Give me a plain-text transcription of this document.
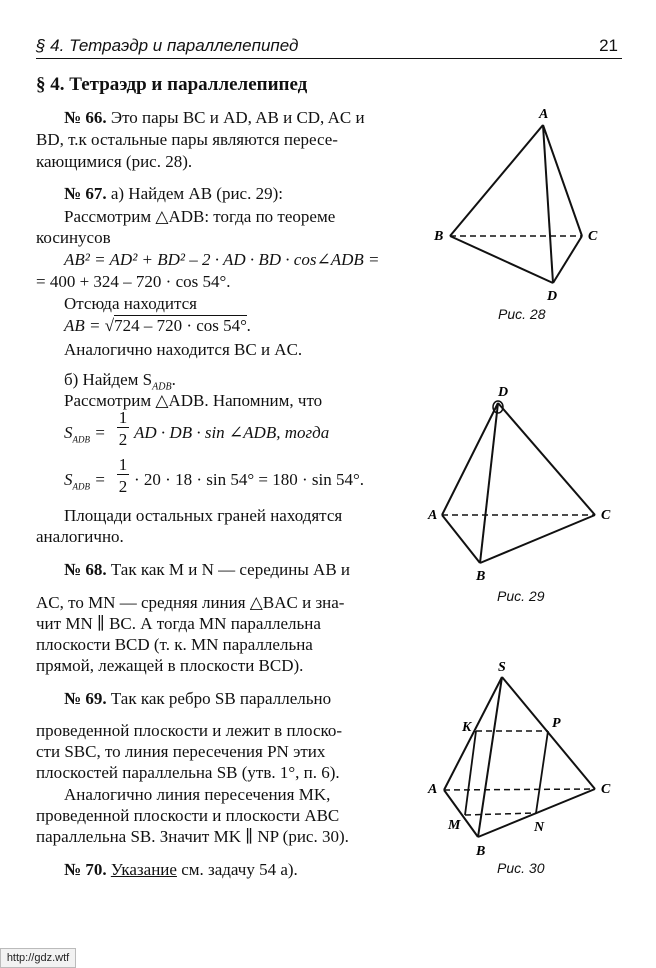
§ 4. Тетраэдр и параллелепипед	21
§ 4. Тетраэдр и параллелепипед
№ 66. Это пары BC и AD, AB и CD, AC и
BD, т.к остальные пары являются пересе-
кающимися (рис. 28).
№ 67. а) Найдем AB (рис. 29):
Рассмотрим △ADB: тогда по теореме
косинусов
AB² = AD² + BD² – 2 · AD · BD · cos∠ADB =
= 400 + 324 – 720 · cos 54°.
Отсюда находится
AB = √724 – 720 · cos 54°.
Аналогично находится BC и AC.
б) Найдем $S_{ADB}$.
Рассмотрим △ADB. Напомним, что
$S_{ADB}$ =
1
2 AD · DB · sin ∠ADB, тогда
$S_{ADB}$ =
1
2 · 20 · 18 · sin 54° = 180 · sin 54°.
Площади остальных граней находятся
аналогично.
№ 68. Так как M и N — середины AB и
AC, то MN — средняя линия △BAC и зна-
чит MN ∥ BC. А тогда MN параллельна
плоскости BCD (т. к. MN параллельна
прямой, лежащей в плоскости BCD).
№ 69. Так как ребро SB параллельно
проведенной плоскости и лежит в плоско-
сти SBC, то линия пересечения PN этих
плоскостей параллельна SB (утв. 1°, п. 6).
Аналогично линия пересечения MK,
проведенной плоскости и плоскости ABC
параллельна SB. Значит MK ∥ NP (рис. 30).
№ 70. Указание см. задачу 54 а).
A
B	C
D
Рис. 28
D
A
B
C
Рис. 29
S
K	P
A	C
M	N
B
Рис. 30
http://gdz.wtf
